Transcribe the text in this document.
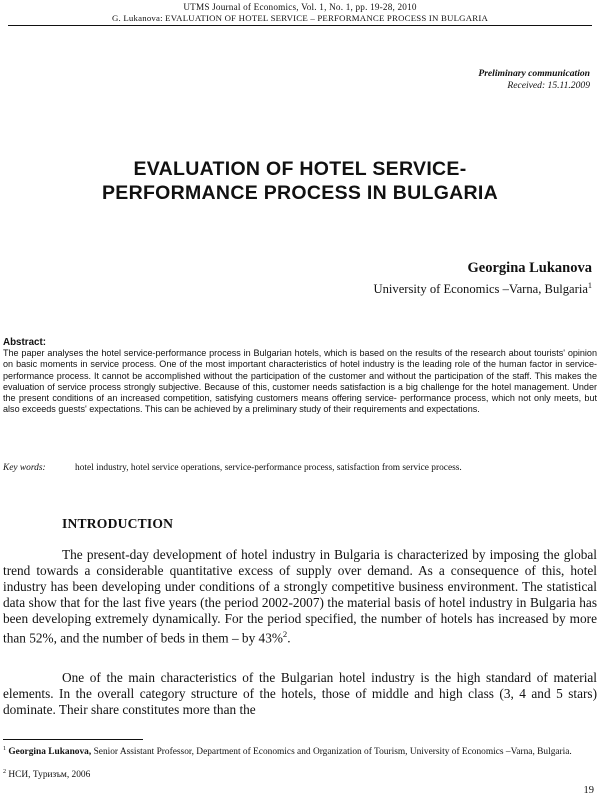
UTMS Journal of Economics, Vol. 1, No. 1, pp. 19-28, 2010
G. Lukanova: EVALUATION OF HOTEL SERVICE – PERFORMANCE PROCESS IN BULGARIA
Preliminary communication
Received: 15.11.2009
EVALUATION OF HOTEL SERVICE-
PERFORMANCE PROCESS IN BULGARIA
Georgina Lukanova
University of Economics –Varna, Bulgaria$^1$
Abstract:
The paper analyses the hotel service-performance process in Bulgarian hotels, which is based on the results of the research about tourists' opinion on basic moments in service process. One of the most important characteristics of hotel industry is the leading role of the human factor in service-performance process. It cannot be accomplished without the participation of the customer and without the participation of the staff. This makes the evaluation of service process strongly subjective. Because of this, customer needs satisfaction is a big challenge for the hotel management. Under the present conditions of an increased competition, satisfying customers means offering service- performance process, which not only meets, but also exceeds guests' expectations. This can be achieved by a preliminary study of their requirements and expectations.
Key words:	hotel industry, hotel service operations, service-performance process, satisfaction from service process.
INTRODUCTION
The present-day development of hotel industry in Bulgaria is characterized by imposing the global trend towards a considerable quantitative excess of supply over demand. As a consequence of this, hotel industry has been developing under conditions of a strongly competitive business environment. The statistical data show that for the last five years (the period 2002-2007) the material basis of hotel industry in Bulgaria has been developing extremely dynamically. For the period specified, the number of hotels has increased by more than 52%, and the number of beds in them – by 43%$^2$.
One of the main characteristics of the Bulgarian hotel industry is the high standard of material elements. In the overall category structure of the hotels, those of middle and high class (3, 4 and 5 stars) dominate. Their share constitutes more than the
$^1$ Georgina Lukanova, Senior Assistant Professor, Department of Economics and Organization of Tourism, University of Economics –Varna, Bulgaria.
$^2$ НСИ, Туризъм, 2006
19
